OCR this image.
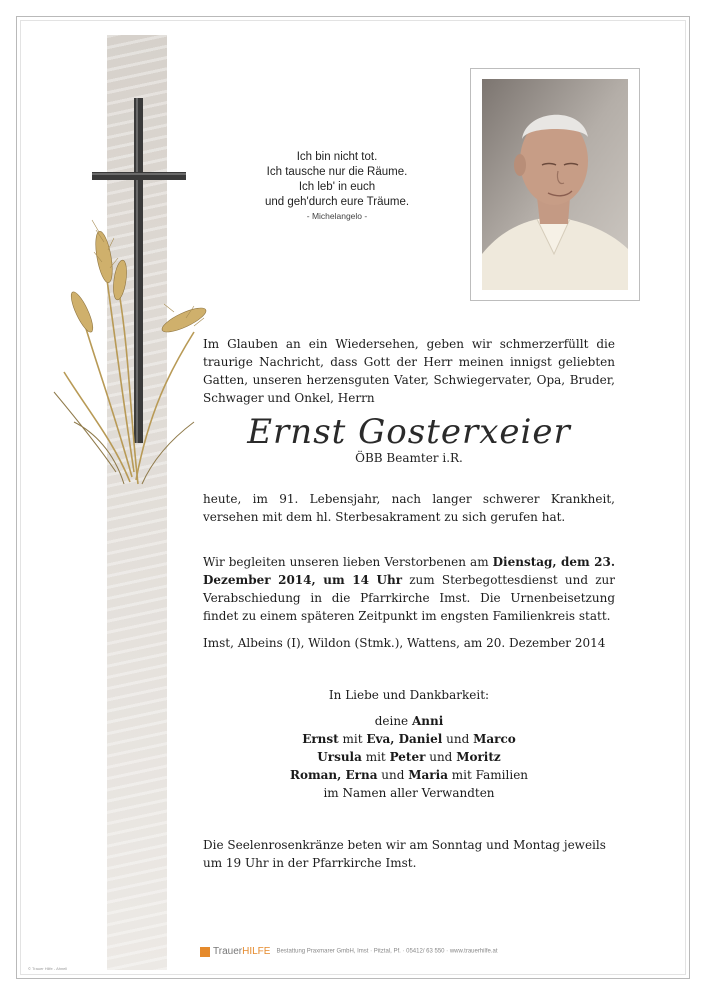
Ich bin nicht tot.
Ich tausche nur die Räume.
Ich leb' in euch
und geh'durch eure Träume.
- Michelangelo -
Im Glauben an ein Wiedersehen, geben wir schmerzerfüllt die traurige Nachricht, dass Gott der Herr meinen innigst geliebten Gatten, unseren herzensguten Vater, Schwiegervater, Opa, Bruder, Schwager und Onkel, Herrn
Ernst Gosterxeier
ÖBB Beamter i.R.
heute, im 91. Lebensjahr, nach langer schwerer Krankheit, versehen mit dem hl. Sterbesakrament zu sich gerufen hat.
Wir begleiten unseren lieben Verstorbenen am Dienstag, dem 23. Dezember 2014, um 14 Uhr zum Sterbegottesdienst und zur Verabschiedung in die Pfarrkirche Imst. Die Urnenbeisetzung findet zu einem späteren Zeitpunkt im engsten Familienkreis statt.
Imst, Albeins (I), Wildon (Stmk.), Wattens, am 20. Dezember 2014
In Liebe und Dankbarkeit:
deine Anni
Ernst mit Eva, Daniel und Marco
Ursula mit Peter und Moritz
Roman, Erna und Maria mit Familien
im Namen aller Verwandten
Die Seelenrosenkränze beten wir am Sonntag und Montag jeweils um 19 Uhr in der Pfarrkirche Imst.
TrauerHILFE Bestattung Praxmarer GmbH, Imst · Pitztal, Pf. · 05412/ 63 550 · www.trauerhilfe.at
© Trauer Hilfe - Ahnell
